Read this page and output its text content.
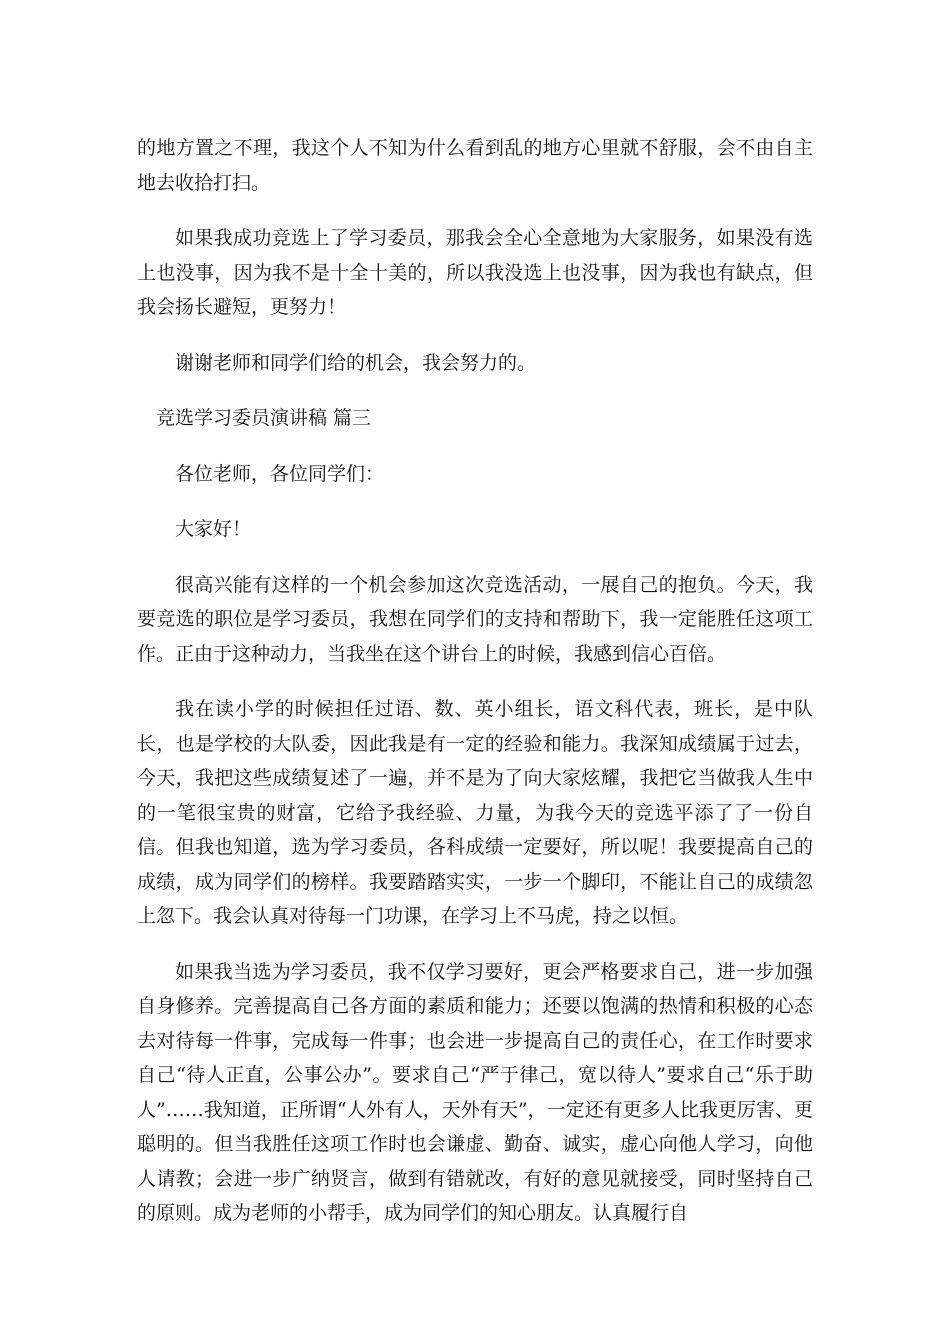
的地方置之不理，我这个人不知为什么看到乱的地方心里就不舒服，会不由自主地去收拾打扫。

如果我成功竞选上了学习委员，那我会全心全意地为大家服务，如果没有选上也没事，因为我不是十全十美的，所以我没选上也没事，因为我也有缺点，但我会扬长避短，更努力！

谢谢老师和同学们给的机会，我会努力的。

竞选学习委员演讲稿 篇三

各位老师，各位同学们：

大家好！

很高兴能有这样的一个机会参加这次竞选活动，一展自己的抱负。今天，我要竞选的职位是学习委员，我想在同学们的支持和帮助下，我一定能胜任这项工作。正由于这种动力，当我坐在这个讲台上的时候，我感到信心百倍。

我在读小学的时候担任过语、数、英小组长，语文科代表，班长，是中队长，也是学校的大队委，因此我是有一定的经验和能力。我深知成绩属于过去，今天，我把这些成绩复述了一遍，并不是为了向大家炫耀，我把它当做我人生中的一笔很宝贵的财富，它给予我经验、力量，为我今天的竞选平添了了一份自信。但我也知道，选为学习委员，各科成绩一定要好，所以呢！我要提高自己的成绩，成为同学们的榜样。我要踏踏实实，一步一个脚印，不能让自己的成绩忽上忽下。我会认真对待每一门功课，在学习上不马虎，持之以恒。

如果我当选为学习委员，我不仅学习要好，更会严格要求自己，进一步加强自身修养。完善提高自己各方面的素质和能力；还要以饱满的热情和积极的心态去对待每一件事，完成每一件事；也会进一步提高自己的责任心，在工作时要求自己“待人正直，公事公办”。要求自己“严于律己，宽以待人”要求自己“乐于助人”……我知道，正所谓“人外有人，天外有天”，一定还有更多人比我更厉害、更聪明的。但当我胜任这项工作时也会谦虚、勤奋、诚实，虚心向他人学习，向他人请教；会进一步广纳贤言，做到有错就改，有好的意见就接受，同时坚持自己的原则。成为老师的小帮手，成为同学们的知心朋友。认真履行自
